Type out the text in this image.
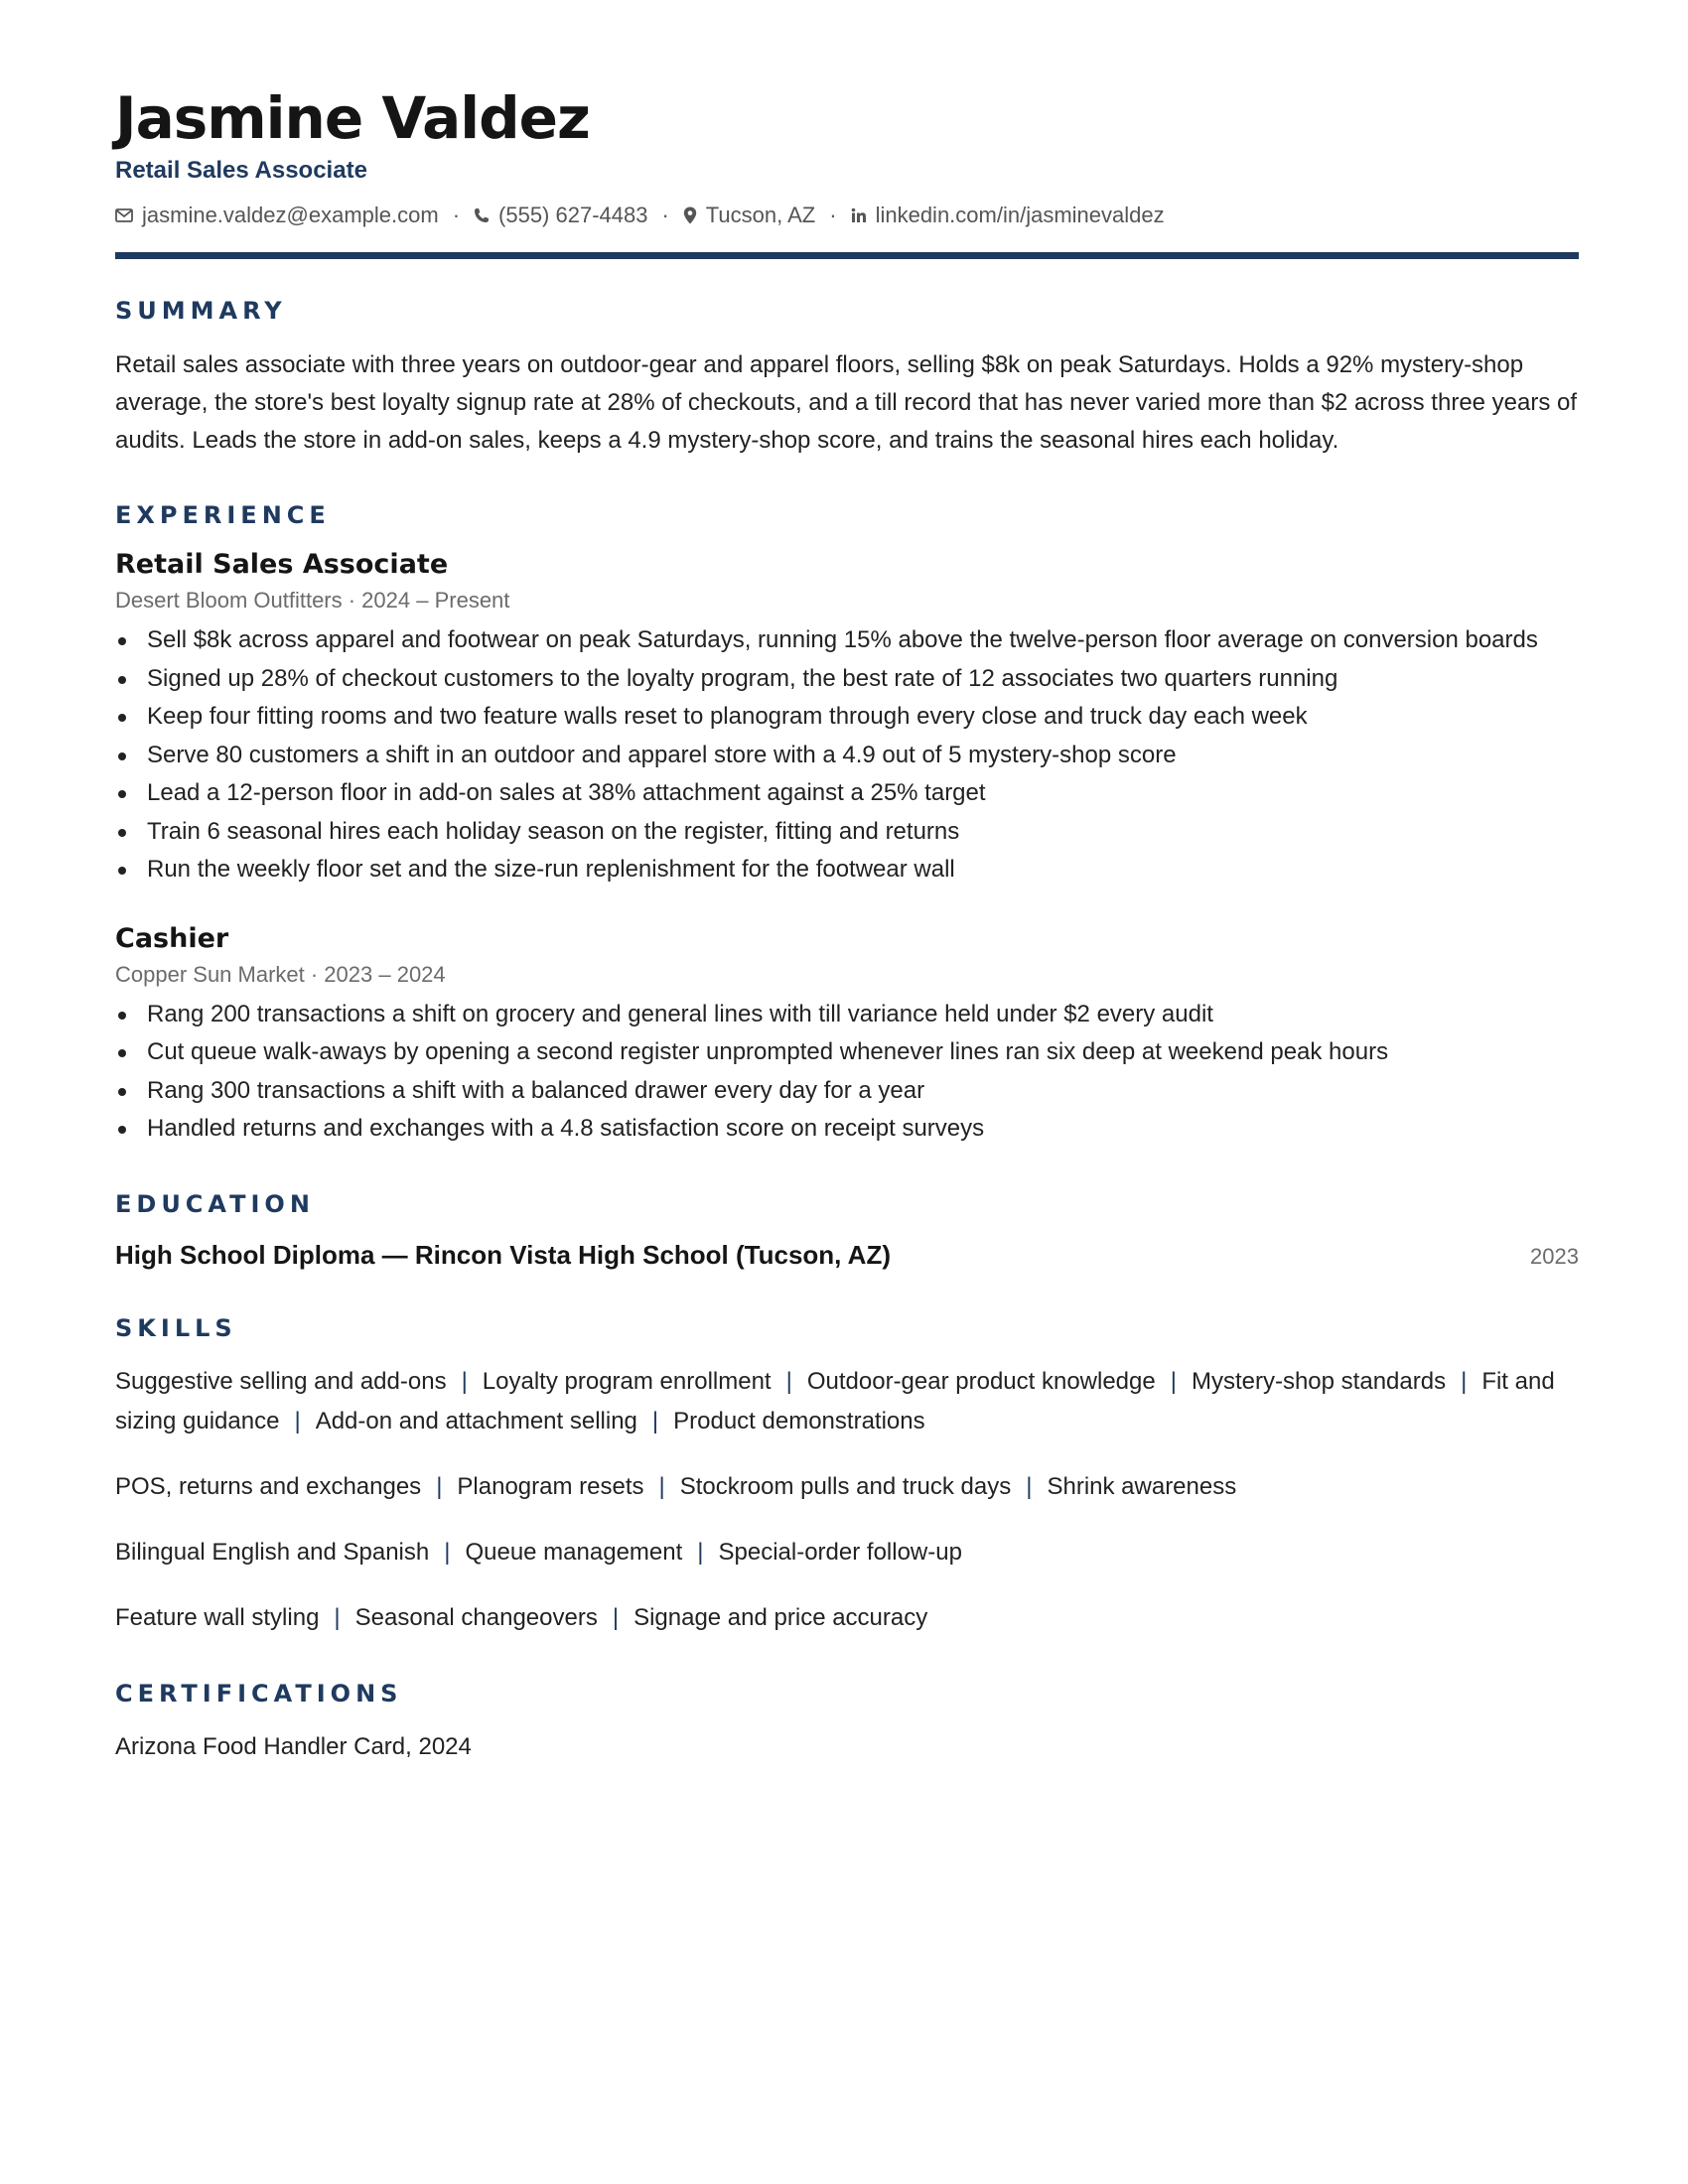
Jasmine Valdez
Retail Sales Associate
jasmine.valdez@example.com · (555) 627-4483 · Tucson, AZ · linkedin.com/in/jasminevaldez
SUMMARY

Retail sales associate with three years on outdoor-gear and apparel floors, selling $8k on peak Saturdays. Holds a 92% mystery-shop average, the store's best loyalty signup rate at 28% of checkouts, and a till record that has never varied more than $2 across three years of audits. Leads the store in add-on sales, keeps a 4.9 mystery-shop score, and trains the seasonal hires each holiday.

EXPERIENCE
Retail Sales Associate
Desert Bloom Outfitters · 2024 – Present
Sell $8k across apparel and footwear on peak Saturdays, running 15% above the twelve-person floor average on conversion boards
Signed up 28% of checkout customers to the loyalty program, the best rate of 12 associates two quarters running
Keep four fitting rooms and two feature walls reset to planogram through every close and truck day each week
Serve 80 customers a shift in an outdoor and apparel store with a 4.9 out of 5 mystery-shop score
Lead a 12-person floor in add-on sales at 38% attachment against a 25% target
Train 6 seasonal hires each holiday season on the register, fitting and returns
Run the weekly floor set and the size-run replenishment for the footwear wall
Cashier
Copper Sun Market · 2023 – 2024
Rang 200 transactions a shift on grocery and general lines with till variance held under $2 every audit
Cut queue walk-aways by opening a second register unprompted whenever lines ran six deep at weekend peak hours
Rang 300 transactions a shift with a balanced drawer every day for a year
Handled returns and exchanges with a 4.8 satisfaction score on receipt surveys
EDUCATION
High School Diploma — Rincon Vista High School (Tucson, AZ)	2023
SKILLS
Suggestive selling and add-ons | Loyalty program enrollment | Outdoor-gear product knowledge | Mystery-shop standards | Fit and sizing guidance | Add-on and attachment selling | Product demonstrations
POS, returns and exchanges | Planogram resets | Stockroom pulls and truck days | Shrink awareness
Bilingual English and Spanish | Queue management | Special-order follow-up
Feature wall styling | Seasonal changeovers | Signage and price accuracy
CERTIFICATIONS
Arizona Food Handler Card, 2024
